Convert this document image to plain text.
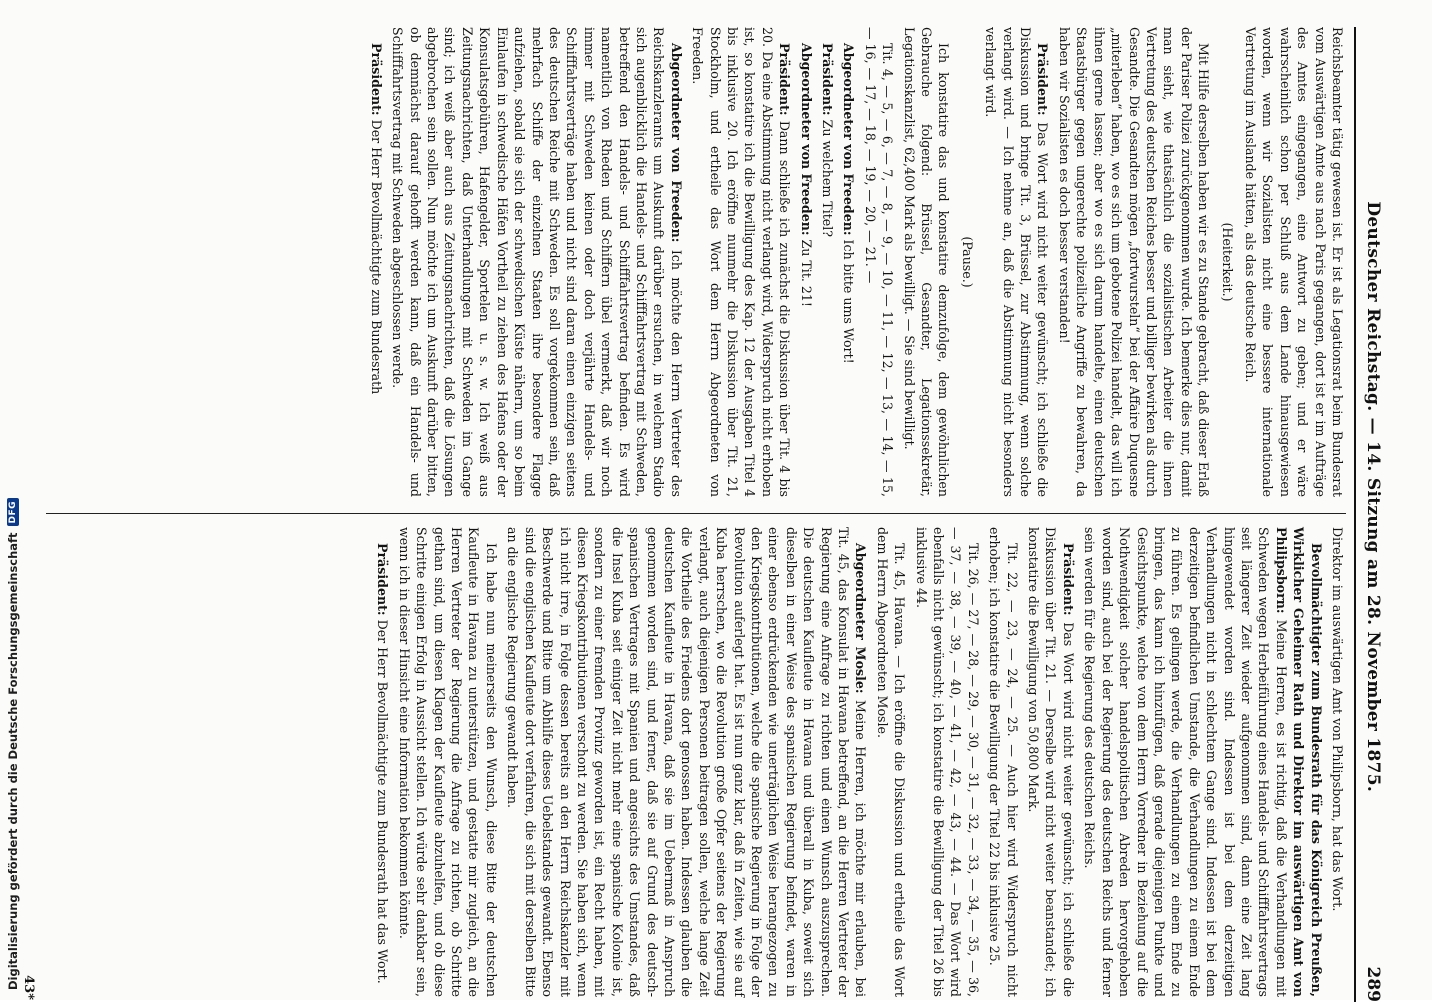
Deutscher Reichstag. — 14. Sitzung am 28. November 1875.
289

Reichsbeamter tätig gewesen ist. Er ist als Legationsrat beim Bundesrat vom Auswärtigen Amte aus nach Paris gegangen, dort ist er im Aufträge des Amtes eingegangen, eine Antwort zu geben; und er wäre wahrscheinlich schon per Schluß aus dem Lande hinausgewiesen worden, wenn wir Sozialisten nicht eine bessere internationale Vertretung im Auslande hätten, als das deutsche Reich.

(Heiterkeit.)

Mit Hilfe derselben haben wir es zu Stande gebracht, daß dieser Erlaß der Pariser Polizei zurückgenommen wurde. Ich bemerke dies nur, damit man sieht, wie thatsächlich die sozialistischen Arbeiter die ihnen Vertretung des deutschen Reiches besser und billiger bewirken als durch Gesandte. Die Gesandten mögen „fortwursteln“ bei der Affaire Duquesne „miterleben“ haben, wo es sich um gebotene Polizei handelt, das will ich ihnen gerne lassen; aber wo es sich darum handelte, einen deutschen Staatsbürger gegen ungerechte polizeiliche Angriffe zu bewahren, da haben wir Sozialisten es doch besser verstanden!

Präsident: Das Wort wird nicht weiter gewünscht; ich schließe die Diskussion und bringe Tit. 3, Brüssel, zur Abstimmung, wenn solche verlangt wird. — Ich nehme an, daß die Abstimmung nicht besonders verlangt wird.

(Pause.)

Ich konstatire das und konstatire demzufolge, dem gewöhnlichen Gebrauche folgend: Brüssel, Gesandter, Legationssekretär, Legationskanzlist, 62,400 Mark als bewilligt. — Sie sind bewilligt.

Tit. 4, — 5, — 6, — 7, — 8, — 9, — 10, — 11, — 12, — 13, — 14, — 15, — 16, — 17, — 18, — 19, — 20, — 21. —

Abgeordneter von Freeden: Ich bitte ums Wort!

Präsident: Zu welchem Titel?

Abgeordneter von Freeden: Zu Tit. 21!

Präsident: Dann schließe ich zunächst die Diskussion über Tit. 4 bis 20. Da eine Abstimmung nicht verlangt wird, Widerspruch nicht erhoben ist, so konstatire ich die Bewilligung des Kap. 12 der Ausgaben Titel 4 bis inklusive 20. Ich eröffne nunmehr die Diskussion über Tit. 21, Stockholm, und ertheile das Wort dem Herrn Abgeordneten von Freeden.

Abgeordneter von Freeden: Ich möchte den Herrn Vertreter des Reichskanzleramts um Auskunft darüber ersuchen, in welchem Stadio sich augenblicklich die Handels- und Schifffahrtsvertrag mit Schweden, betreffend den Handels- und Schifffahrtsvertrag befinden. Es wird namentlich von Rheden und Schiffern übel vermerkt, daß wir noch immer mit Schweden keinen oder doch verjährte Handels- und Schifffahrtsverträge haben und nicht sind daran einen einzigen seitens des deutschen Reiche mit Schweden. Es soll vorgekommen sein, daß mehrfach Schiffe der einzelnen Staaten ihre besondere Flagge aufziehen, sobald sie sich der schwedischen Küste nähern, um so beim Einlaufen in schwedische Häfen Vortheil zu ziehen des Hafens oder der Konsulatsgebühren, Hafengelder, Sportelen u. s. w. Ich weiß aus Zeitungsnachrichten, daß Unterhandlungen mit Schweden im Gange sind; ich weiß aber auch aus Zeitungsnachrichten, daß die Lösungen abgebrochen sein sollen. Nun möchte ich um Auskunft darüber bitten, ob demnächst darauf gehofft werden kann, daß ein Handels- und Schifffahrtsvertrag mit Schweden abgeschlossen werde.

Präsident: Der Herr Bevollmächtigte zum Bundesrath

Direktor im auswärtigen Amt von Philipsborn, hat das Wort.

Bevollmächtigter zum Bundesrath für das Königreich Preußen, Wirklicher Geheimer Rath und Direktor im auswärtigen Amt von Philipsborn: Meine Herren, es ist richtig, daß die Verhandlungen mit Schweden wegen Herbeiführung eines Handels- und Schifffahrtsvertrags seit längerer Zeit wieder aufgenommen sind, dann eine Zeit lang hingewendet worden sind. Indessen ist bei dem derzeitigen Verhandlungen nicht in schlechtem Gange sind. Indessen ist bei dem derzeitigen befindlichen Umstande, die Verhandlungen zu einem Ende zu führen. Es gelingen werde, die Verhandlungen zu einem Ende zu bringen, das kann ich hinzufügen, daß gerade diejenigen Punkte und Gesichtspunkte, welche von dem Herrn Vorredner in Beziehung auf die Nothwendigkeit solcher handelspolitischen Abreden hervorgehoben worden sind, auch bei der Regierung des deutschen Reichs und ferner sein werden für die Regierung des deutschen Reichs.

Präsident: Das Wort wird nicht weiter gewünscht; ich schließe die Diskussion über Tit. 21. — Derselbe wird nicht weiter beanstandet; ich konstatire die Bewilligung von 50,800 Mark.

Tit. 22, — 23, — 24, — 25. — Auch hier wird Widerspruch nicht erhoben; ich konstatire die Bewilligung der Titel 22 bis inklusive 25.

Tit. 26, — 27, — 28, — 29, — 30, — 31, — 32, — 33, — 34, — 35, — 36, — 37, — 38, — 39, — 40, — 41, — 42, — 43, — 44. — Das Wort wird ebenfalls nicht gewünscht; ich konstatire die Bewilligung der Titel 26 bis inklusive 44.

Tit. 45, Havana. — Ich eröffne die Diskussion und ertheile das Wort dem Herrn Abgeordneten Mosle.

Abgeordneter Mosle: Meine Herren, ich möchte mir erlauben, bei Tit. 45, das Konsulat in Havana betreffend, an die Herren Vertreter der Regierung eine Anfrage zu richten und einen Wunsch auszusprechen. Die deutschen Kaufleute in Havana und überall in Kuba, soweit sich dieselben in einer Weise des spanischen Regierung befindet, waren in einer ebenso erdrückenden wie unerträglichen Weise herangezogen zu den Kriegskontributionen, welche die spanische Regierung in Folge der Revolution auferlegt hat. Es ist nun ganz klar, daß in Zeiten, wie sie auf Kuba herrschen, wo die Revolution große Opfer seitens der Regierung verlangt, auch diejenigen Personen beitragen sollen, welche lange Zeit die Vortheile des Friedens dort genossen haben. Indessen glauben die deutschen Kaufleute in Havana, daß sie im Uebermaß in Anspruch genommen worden sind, und ferner, daß sie auf Grund des deutsch-spanischen Vertrages mit Spanien und angesichts des Umstandes, daß die Insel Kuba seit einiger Zeit nicht mehr eine spanische Kolonie ist, sondern zu einer fremden Provinz geworden ist, ein Recht haben, mit diesen Kriegskontributionen verschont zu werden. Sie haben sich, wenn ich nicht irre, in Folge dessen bereits an den Herrn Reichskanzler mit Beschwerde und Bitte um Abhilfe dieses Uebelstandes gewandt. Ebenso sind die englischen Kaufleute dort verfahren, die sich mit derselben Bitte an die englische Regierung gewandt haben.

Ich habe nun meinerseits den Wunsch, diese Bitte der deutschen Kaufleute in Havana zu unterstützen, und gestatte mir zugleich, an die Herren Vertreter der Regierung die Anfrage zu richten, ob Schritte gethan sind, um diesen Klagen der Kaufleute abzuhelfen, und ob diese Schritte einigen Erfolg in Aussicht stellen. Ich würde sehr dankbar sein, wenn ich in dieser Hinsicht eine Information bekommen könnte.

Präsident: Der Herr Bevollmächtigte zum Bundesrath hat das Wort.

43*
Digitalisierung gefördert durch die Deutsche Forschungsgemeinschaft
DFG
